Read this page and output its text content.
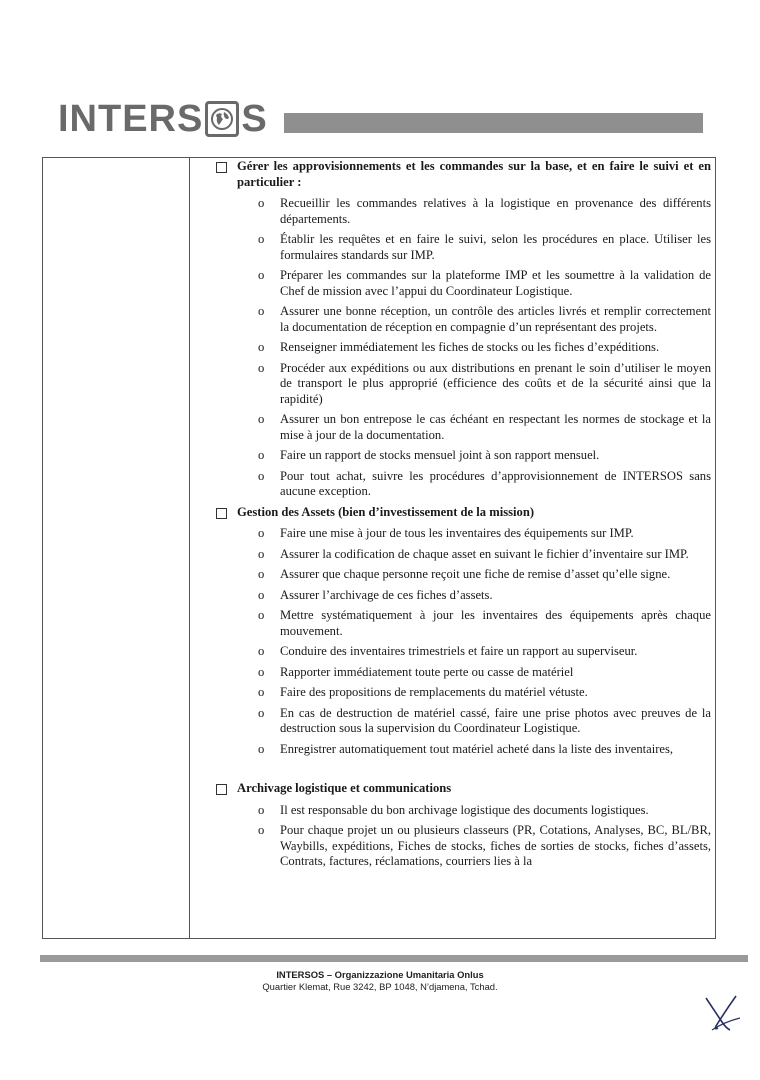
INTERS S
Gérer les approvisionnements et les commandes sur la base, et en faire le suivi et en particulier :
o Recueillir les commandes relatives à la logistique en provenance des différents départements.
o Établir les requêtes et en faire le suivi, selon les procédures en place. Utiliser les formulaires standards sur IMP.
o Préparer les commandes sur la plateforme IMP et les soumettre à la validation de Chef de mission avec l’appui du Coordinateur Logistique.
o Assurer une bonne réception, un contrôle des articles livrés et remplir correctement la documentation de réception en compagnie d’un représentant des projets.
o Renseigner immédiatement les fiches de stocks ou les fiches d’expéditions.
o Procéder aux expéditions ou aux distributions en prenant le soin d’utiliser le moyen de transport le plus approprié (efficience des coûts et de la sécurité ainsi que la rapidité)
o Assurer un bon entrepose le cas échéant en respectant les normes de stockage et la mise à jour de la documentation.
o Faire un rapport de stocks mensuel joint à son rapport mensuel.
o Pour tout achat, suivre les procédures d’approvisionnement de INTERSOS sans aucune exception.
Gestion des Assets (bien d’investissement de la mission)
o Faire une mise à jour de tous les inventaires des équipements sur IMP.
o Assurer la codification de chaque asset en suivant le fichier d’inventaire sur IMP.
o Assurer que chaque personne reçoit une fiche de remise d’asset qu’elle signe.
o Assurer l’archivage de ces fiches d’assets.
o Mettre systématiquement à jour les inventaires des équipements après chaque mouvement.
o Conduire des inventaires trimestriels et faire un rapport au superviseur.
o Rapporter immédiatement toute perte ou casse de matériel
o Faire des propositions de remplacements du matériel vétuste.
o En cas de destruction de matériel cassé, faire une prise photos avec preuves de la destruction sous la supervision du Coordinateur Logistique.
o Enregistrer automatiquement tout matériel acheté dans la liste des inventaires,
Archivage logistique et communications
o Il est responsable du bon archivage logistique des documents logistiques.
o Pour chaque projet un ou plusieurs classeurs (PR, Cotations, Analyses, BC, BL/BR, Waybills, expéditions, Fiches de stocks, fiches de sorties de stocks, fiches d’assets, Contrats, factures, réclamations, courriers lies à la
INTERSOS – Organizzazione Umanitaria Onlus
Quartier Klemat, Rue 3242, BP 1048, N’djamena, Tchad.
